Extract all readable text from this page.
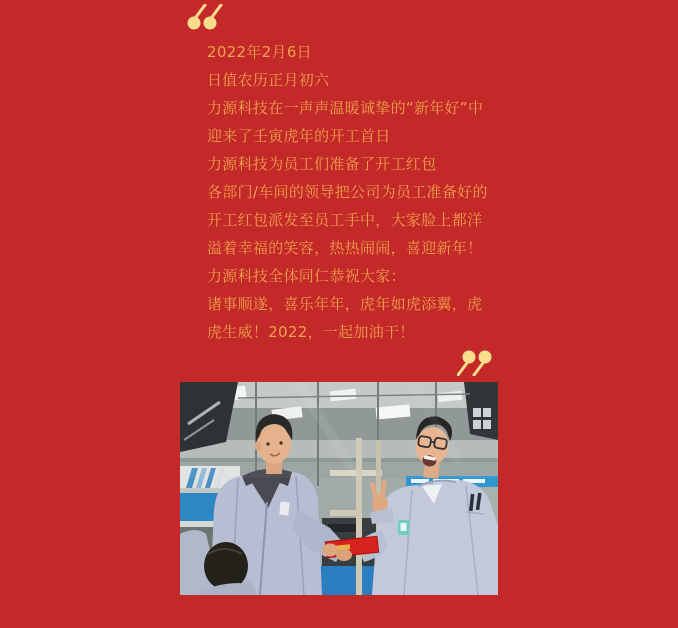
2022年2月6日
日值农历正月初六
力源科技在一声声温暖诚挚的“新年好”中
迎来了壬寅虎年的开工首日
力源科技为员工们准备了开工红包
各部门/车间的领导把公司为员工准备好的
开工红包派发至员工手中，大家脸上都洋
溢着幸福的笑容，热热闹闹，喜迎新年！
力源科技全体同仁恭祝大家：
诸事顺遂，喜乐年年，虎年如虎添翼，虎
虎生威！2022，一起加油干！
